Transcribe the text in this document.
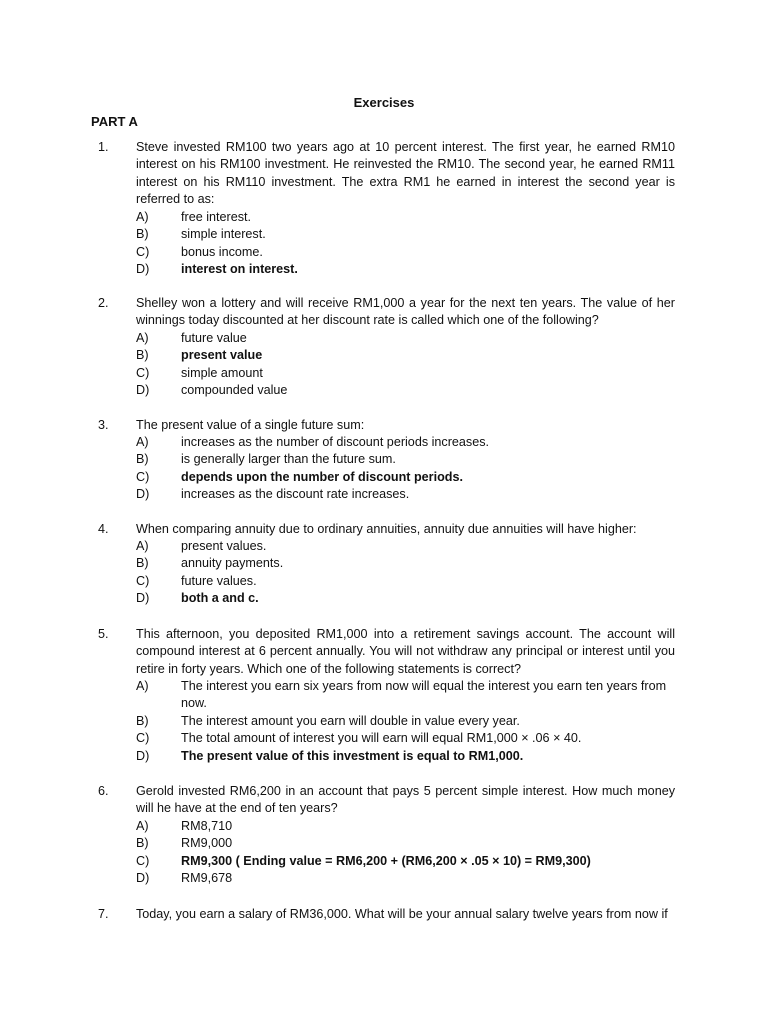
Exercises
PART A
1. Steve invested RM100 two years ago at 10 percent interest. The first year, he earned RM10 interest on his RM100 investment. He reinvested the RM10. The second year, he earned RM11 interest on his RM110 investment. The extra RM1 he earned in interest the second year is referred to as:
A)	free interest.
B)	simple interest.
C)	bonus income.
D)	interest on interest.
2. Shelley won a lottery and will receive RM1,000 a year for the next ten years. The value of her winnings today discounted at her discount rate is called which one of the following?
A)	future value
B)	present value
C)	simple amount
D)	compounded value
3. The present value of a single future sum:
A)	increases as the number of discount periods increases.
B)	is generally larger than the future sum.
C)	depends upon the number of discount periods.
D)	increases as the discount rate increases.
4. When comparing annuity due to ordinary annuities, annuity due annuities will have higher:
A)	present values.
B)	annuity payments.
C)	future values.
D)	both a and c.
5. This afternoon, you deposited RM1,000 into a retirement savings account. The account will compound interest at 6 percent annually. You will not withdraw any principal or interest until you retire in forty years. Which one of the following statements is correct?
A)	The interest you earn six years from now will equal the interest you earn ten years from now.
B)	The interest amount you earn will double in value every year.
C)	The total amount of interest you will earn will equal RM1,000 × .06 × 40.
D)	The present value of this investment is equal to RM1,000.
6. Gerold invested RM6,200 in an account that pays 5 percent simple interest. How much money will he have at the end of ten years?
A)	RM8,710
B)	RM9,000
C)	RM9,300 ( Ending value = RM6,200 + (RM6,200 × .05 × 10) = RM9,300)
D)	RM9,678
7. Today, you earn a salary of RM36,000. What will be your annual salary twelve years from now if
